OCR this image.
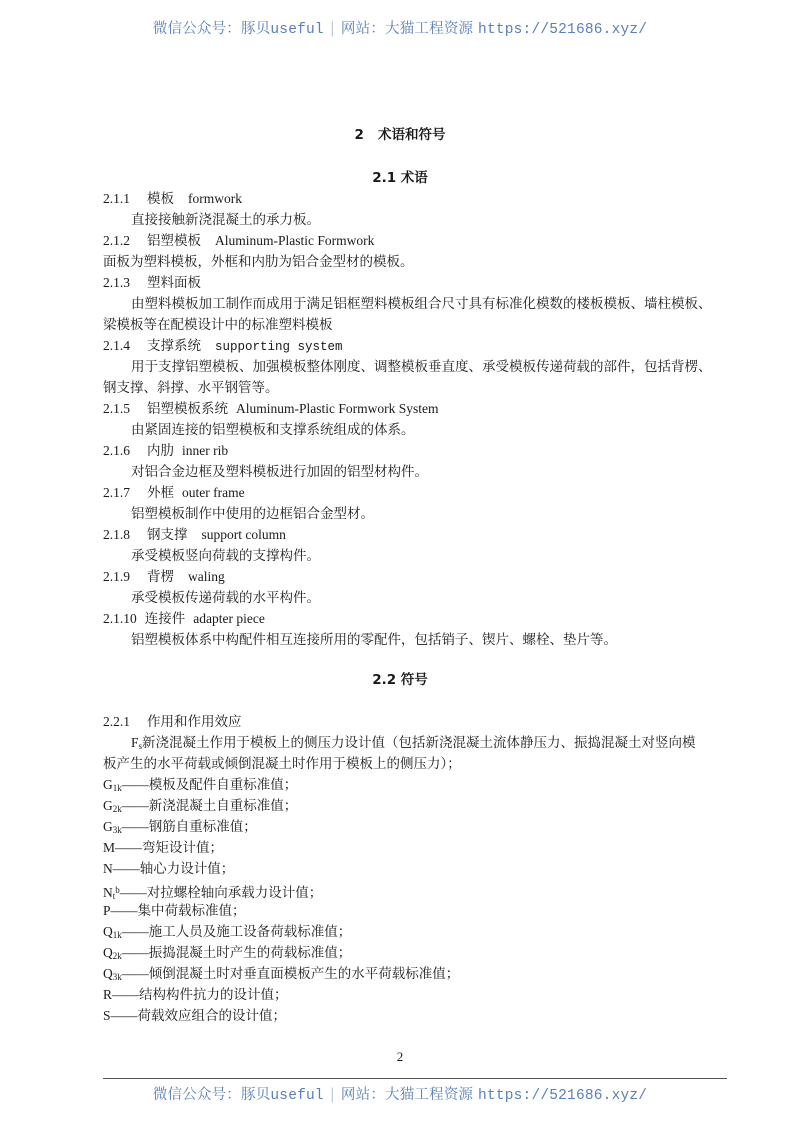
微信公众号：豚贝useful | 网站：大猫工程资源 https://521686.xyz/
2 术语和符号
2.1 术语
2.1.1 模板 formwork
直接接触新浇混凝土的承力板。
2.1.2 铝塑模板 Aluminum-Plastic Formwork
面板为塑料模板，外框和内肋为铝合金型材的模板。
2.1.3 塑料面板
由塑料模板加工制作而成用于满足铝框塑料模板组合尺寸具有标准化模数的楼板模板、墙柱模板、
梁模板等在配模设计中的标准塑料模板
2.1.4 支撑系统 supporting system
用于支撑铝塑模板、加强模板整体刚度、调整模板垂直度、承受模板传递荷载的部件，包括背楞、
钢支撑、斜撑、水平钢管等。
2.1.5 铝塑模板系统 Aluminum-Plastic Formwork System
由紧固连接的铝塑模板和支撑系统组成的体系。
2.1.6 内肋 inner rib
对铝合金边框及塑料模板进行加固的铝型材构件。
2.1.7 外框 outer frame
铝塑模板制作中使用的边框铝合金型材。
2.1.8 钢支撑 support column
承受模板竖向荷载的支撑构件。
2.1.9 背楞 waling
承受模板传递荷载的水平构件。
2.1.10 连接件 adapter piece
铝塑模板体系中构配件相互连接所用的零配件，包括销子、锲片、螺栓、垫片等。
2.2 符号
2.2.1 作用和作用效应
$F_s$新浇混凝土作用于模板上的侧压力设计值（包括新浇混凝土流体静压力、振捣混凝土对竖向模
板产生的水平荷载或倾倒混凝土时作用于模板上的侧压力）；
$G_{1k}——$模板及配件自重标准值；
$G_{2k}——$新浇混凝土自重标准值；
$G_{3k}——$钢筋自重标准值；
M——弯矩设计值；
N——轴心力设计值；
$N_t^b——$对拉螺栓轴向承载力设计值；
P——集中荷载标准值；
$Q_{1k}——$施工人员及施工设备荷载标准值；
$Q_{2k}——$振捣混凝土时产生的荷载标准值；
$Q_{3k}——$倾倒混凝土时对垂直面模板产生的水平荷载标准值；
R——结构构件抗力的设计值；
S——荷载效应组合的设计值；
2
微信公众号：豚贝useful | 网站：大猫工程资源 https://521686.xyz/
